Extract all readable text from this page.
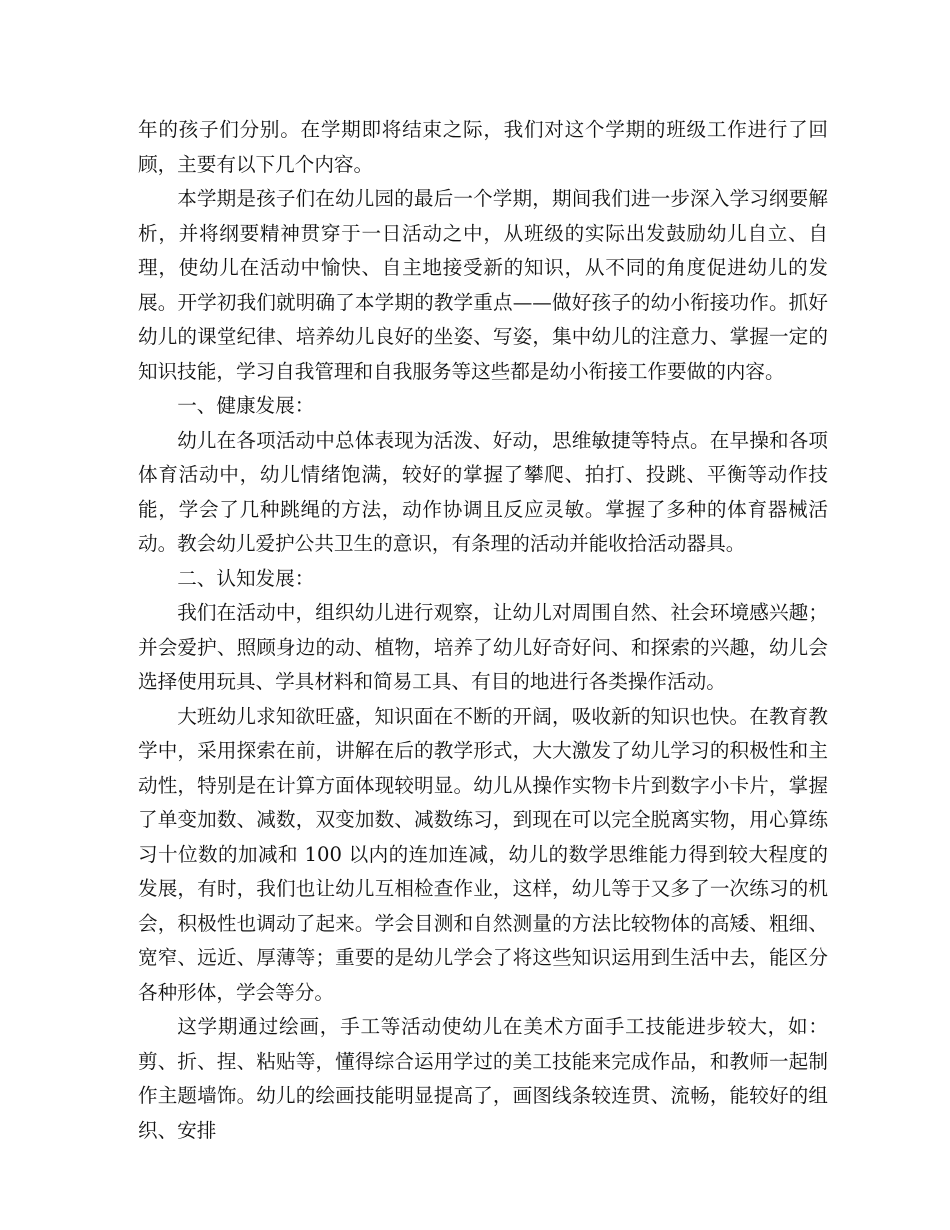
年的孩子们分别。在学期即将结束之际，我们对这个学期的班级工作进行了回顾，主要有以下几个内容。

本学期是孩子们在幼儿园的最后一个学期，期间我们进一步深入学习纲要解析，并将纲要精神贯穿于一日活动之中，从班级的实际出发鼓励幼儿自立、自理，使幼儿在活动中愉快、自主地接受新的知识，从不同的角度促进幼儿的发展。开学初我们就明确了本学期的教学重点——做好孩子的幼小衔接功作。抓好幼儿的课堂纪律、培养幼儿良好的坐姿、写姿，集中幼儿的注意力、掌握一定的知识技能，学习自我管理和自我服务等这些都是幼小衔接工作要做的内容。

一、健康发展：

幼儿在各项活动中总体表现为活泼、好动，思维敏捷等特点。在早操和各项体育活动中，幼儿情绪饱满，较好的掌握了攀爬、拍打、投跳、平衡等动作技能，学会了几种跳绳的方法，动作协调且反应灵敏。掌握了多种的体育器械活动。教会幼儿爱护公共卫生的意识，有条理的活动并能收拾活动器具。

二、认知发展：

我们在活动中，组织幼儿进行观察，让幼儿对周围自然、社会环境感兴趣；并会爱护、照顾身边的动、植物，培养了幼儿好奇好问、和探索的兴趣，幼儿会选择使用玩具、学具材料和简易工具、有目的地进行各类操作活动。

大班幼儿求知欲旺盛，知识面在不断的开阔，吸收新的知识也快。在教育教学中，采用探索在前，讲解在后的教学形式，大大激发了幼儿学习的积极性和主动性，特别是在计算方面体现较明显。幼儿从操作实物卡片到数字小卡片，掌握了单变加数、减数，双变加数、减数练习，到现在可以完全脱离实物，用心算练习十位数的加减和 100 以内的连加连减，幼儿的数学思维能力得到较大程度的发展，有时，我们也让幼儿互相检查作业，这样，幼儿等于又多了一次练习的机会，积极性也调动了起来。学会目测和自然测量的方法比较物体的高矮、粗细、宽窄、远近、厚薄等；重要的是幼儿学会了将这些知识运用到生活中去，能区分各种形体，学会等分。

这学期通过绘画，手工等活动使幼儿在美术方面手工技能进步较大，如：剪、折、捏、粘贴等，懂得综合运用学过的美工技能来完成作品，和教师一起制作主题墙饰。幼儿的绘画技能明显提高了，画图线条较连贯、流畅，能较好的组织、安排
